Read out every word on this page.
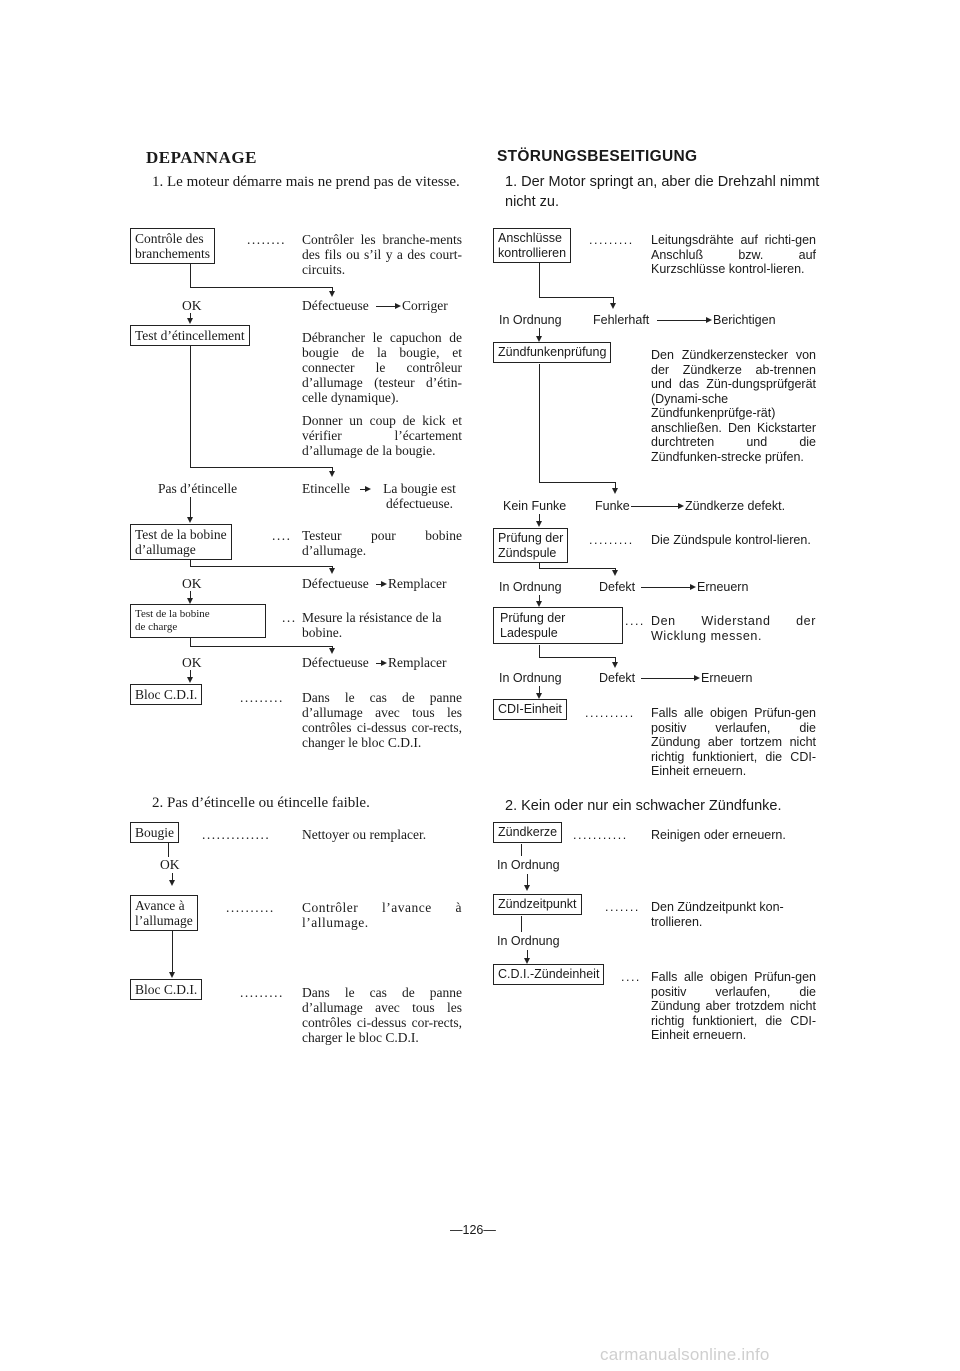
DEPANNAGE
1. Le moteur démarre mais ne prend pas de vitesse.
Contrôle des
branchements
........ Contrôler les branche-ments des fils ou s’il y a des court-circuits.
OK	Défectueuse Corriger
Test d’étincellement	Débrancher le capuchon de bougie de la bougie, et connecter le contrôleur d’allumage (testeur d’étin-celle dynamique).
Donner un coup de kick et vérifier l’écartement d’allumage de la bougie.
Pas d’étincelle	Etincelle	La bougie est défectueuse.
Test de la bobine
d’allumage
.... Testeur pour bobine d’allumage.
OK	Défectueuse Remplacer
Test de la bobine
de charge
... Mesure la résistance de la bobine.
OK	Défectueuse Remplacer
Bloc C.D.I.	......... Dans le cas de panne d’allumage avec tous les contrôles ci-dessus cor-rects, changer le bloc C.D.I.
2. Pas d’étincelle ou étincelle faible.
Bougie	.............. Nettoyer ou remplacer.
OK
Avance à
l’allumage
.......... Contrôler l’avance à l’allumage.
Bloc C.D.I.	......... Dans le cas de panne d’allumage avec tous les contrôles ci-dessus cor-rects, charger le bloc C.D.I.
STÖRUNGSBESEITIGUNG
1. Der Motor springt an, aber die Drehzahl nimmt nicht zu.
Anschlüsse
kontrollieren
......... Leitungsdrähte auf richti-gen Anschluß bzw. auf Kurzschlüsse kontrol-lieren.
In Ordnung	Fehlerhaft	Berichtigen
Zündfunkenprüfung	Den Zündkerzenstecker von der Zündkerze ab-trennen und das Zün-dungsprüfgerät (Dynami-sche Zündfunkenprüfge-rät) anschließen. Den Kickstarter durchtreten und die Zündfunken-strecke prüfen.
Kein Funke Funke	Zündkerze defekt.
Prüfung der
Zündspule
......... Die Zündspule kontrol-lieren.
In Ordnung	Defekt	Erneuern
Prüfung der
Ladespule
.... Den Widerstand der Wicklung messen.
In Ordnung	Defekt	Erneuern
CDI-Einheit	.......... Falls alle obigen Prüfun-gen positiv verlaufen, die Zündung aber tortzem nicht richtig funktioniert, die CDI-Einheit erneuern.
2. Kein oder nur ein schwacher Zündfunke.
Zündkerze	........... Reinigen oder erneuern.
In Ordnung
Zündzeitpunkt	....... Den Zündzeitpunkt kon-trollieren.
In Ordnung
C.D.I.-Zündeinheit	.... Falls alle obigen Prüfun-gen positiv verlaufen, die Zündung aber trotzdem nicht richtig funktioniert, die CDI-Einheit erneuern.
—126—
carmanualsonline.info
